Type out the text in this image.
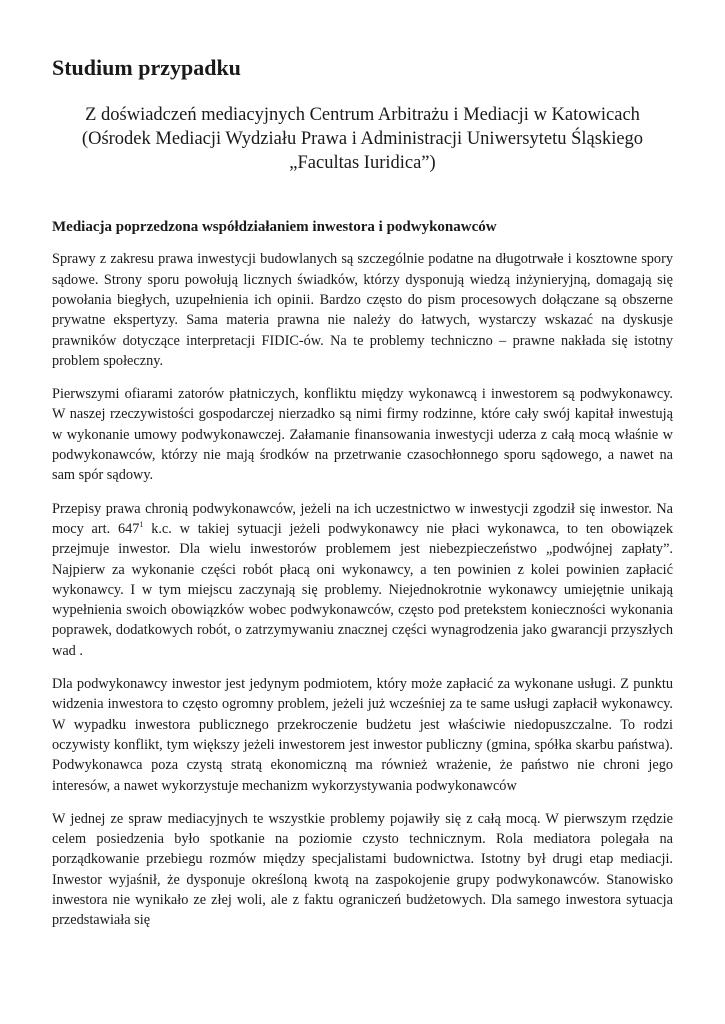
Studium przypadku
Z doświadczeń mediacyjnych Centrum Arbitrażu i Mediacji w Katowicach
(Ośrodek Mediacji Wydziału Prawa i Administracji Uniwersytetu Śląskiego
„Facultas Iuridica”)
Mediacja poprzedzona współdziałaniem inwestora i podwykonawców

Sprawy z zakresu prawa inwestycji budowlanych są szczególnie podatne na długotrwałe i kosztowne spory sądowe. Strony sporu powołują licznych świadków, którzy dysponują wiedzą inżynieryjną, domagają się powołania biegłych, uzupełnienia ich opinii. Bardzo często do pism procesowych dołączane są obszerne prywatne ekspertyzy. Sama materia prawna nie należy do łatwych, wystarczy wskazać na dyskusje prawników dotyczące interpretacji FIDIC-ów. Na te problemy techniczno – prawne nakłada się istotny problem społeczny.

Pierwszymi ofiarami zatorów płatniczych, konfliktu między wykonawcą i inwestorem są podwykonawcy. W naszej rzeczywistości gospodarczej nierzadko są nimi firmy rodzinne, które cały swój kapitał inwestują w wykonanie umowy podwykonawczej. Załamanie finansowania inwestycji uderza z całą mocą właśnie w podwykonawców, którzy nie mają środków na przetrwanie czasochłonnego sporu sądowego, a nawet na sam spór sądowy.

Przepisy prawa chronią podwykonawców, jeżeli na ich uczestnictwo w inwestycji zgodził się inwestor. Na mocy art. 647$^1$ k.c. w takiej sytuacji jeżeli podwykonawcy nie płaci wykonawca, to ten obowiązek przejmuje inwestor. Dla wielu inwestorów problemem jest niebezpieczeństwo „podwójnej zapłaty”. Najpierw za wykonanie części robót płacą oni wykonawcy, a ten powinien z kolei powinien zapłacić wykonawcy. I w tym miejscu zaczynają się problemy. Niejednokrotnie wykonawcy umiejętnie unikają wypełnienia swoich obowiązków wobec podwykonawców, często pod pretekstem konieczności wykonania poprawek, dodatkowych robót, o zatrzymywaniu znacznej części wynagrodzenia jako gwarancji przyszłych wad .

Dla podwykonawcy inwestor jest jedynym podmiotem, który może zapłacić za wykonane usługi. Z punktu widzenia inwestora to często ogromny problem, jeżeli już wcześniej za te same usługi zapłacił wykonawcy. W wypadku inwestora publicznego przekroczenie budżetu jest właściwie niedopuszczalne. To rodzi oczywisty konflikt, tym większy jeżeli inwestorem jest inwestor publiczny (gmina, spółka skarbu państwa). Podwykonawca poza czystą stratą ekonomiczną ma również wrażenie, że państwo nie chroni jego interesów, a nawet wykorzystuje mechanizm wykorzystywania podwykonawców

W jednej ze spraw mediacyjnych te wszystkie problemy pojawiły się z całą mocą. W pierwszym rzędzie celem posiedzenia było spotkanie na poziomie czysto technicznym. Rola mediatora polegała na porządkowanie przebiegu rozmów między specjalistami budownictwa. Istotny był drugi etap mediacji. Inwestor wyjaśnił, że dysponuje określoną kwotą na zaspokojenie grupy podwykonawców. Stanowisko inwestora nie wynikało ze złej woli, ale z faktu ograniczeń budżetowych. Dla samego inwestora sytuacja przedstawiała się
